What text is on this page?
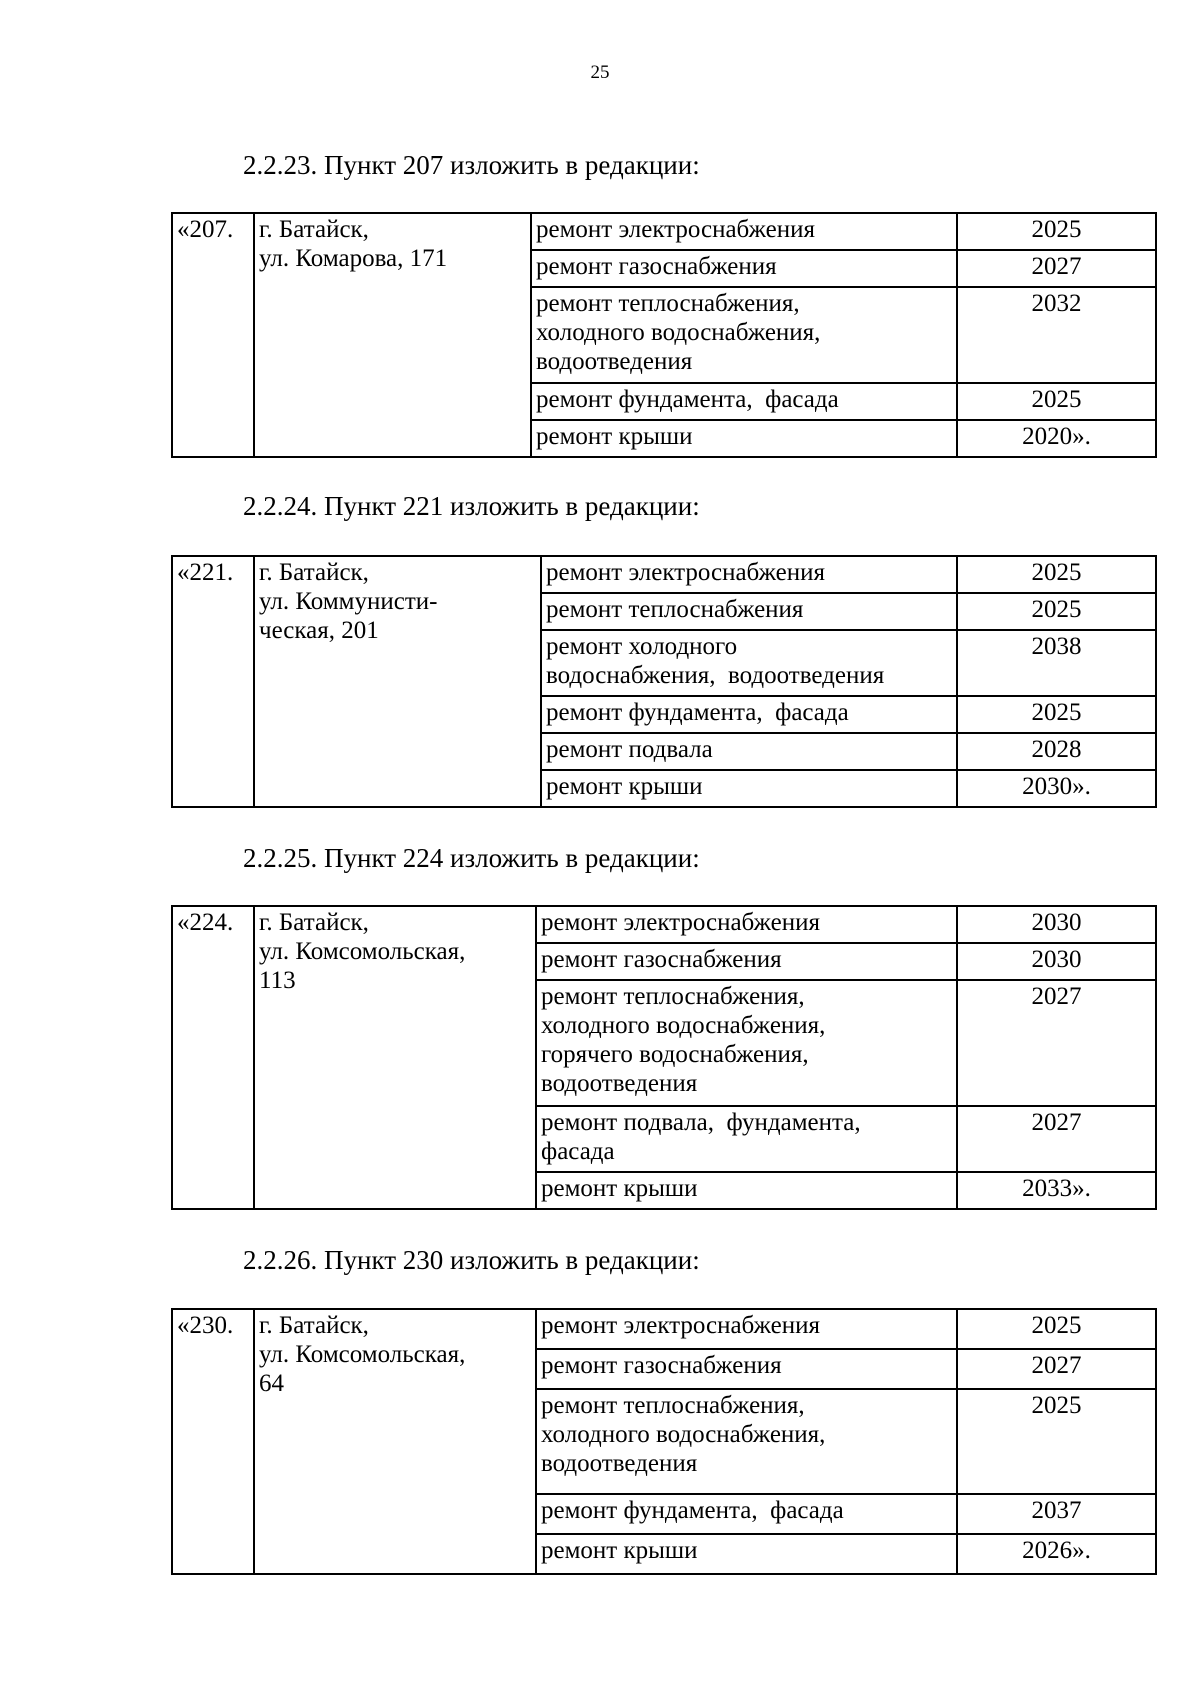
25
2.2.23. Пункт 207 изложить в редакции:
«207.	г. Батайск,
ул. Комарова, 171	ремонт электроснабжения	2025
		ремонт газоснабжения	2027
		ремонт теплоснабжения,
холодного водоснабжения,
водоотведения	2032
		ремонт фундамента,  фасада	2025
		ремонт крыши	2020».
2.2.24. Пункт 221 изложить в редакции:
«221.	г. Батайск,
ул. Коммунисти-
ческая, 201	ремонт электроснабжения	2025
		ремонт теплоснабжения	2025
		ремонт холодного
водоснабжения,  водоотведения	2038
		ремонт фундамента,  фасада	2025
		ремонт подвала	2028
		ремонт крыши	2030».
2.2.25. Пункт 224 изложить в редакции:
«224.	г. Батайск,
ул. Комсомольская,
113	ремонт электроснабжения	2030
		ремонт газоснабжения	2030
		ремонт теплоснабжения,
холодного водоснабжения,
горячего водоснабжения,
водоотведения	2027
		ремонт подвала,  фундамента,
фасада	2027
		ремонт крыши	2033».
2.2.26. Пункт 230 изложить в редакции:
«230.	г. Батайск,
ул. Комсомольская,
64	ремонт электроснабжения	2025
		ремонт газоснабжения	2027
		ремонт теплоснабжения,
холодного водоснабжения,
водоотведения	2025
		ремонт фундамента,  фасада	2037
		ремонт крыши	2026».
